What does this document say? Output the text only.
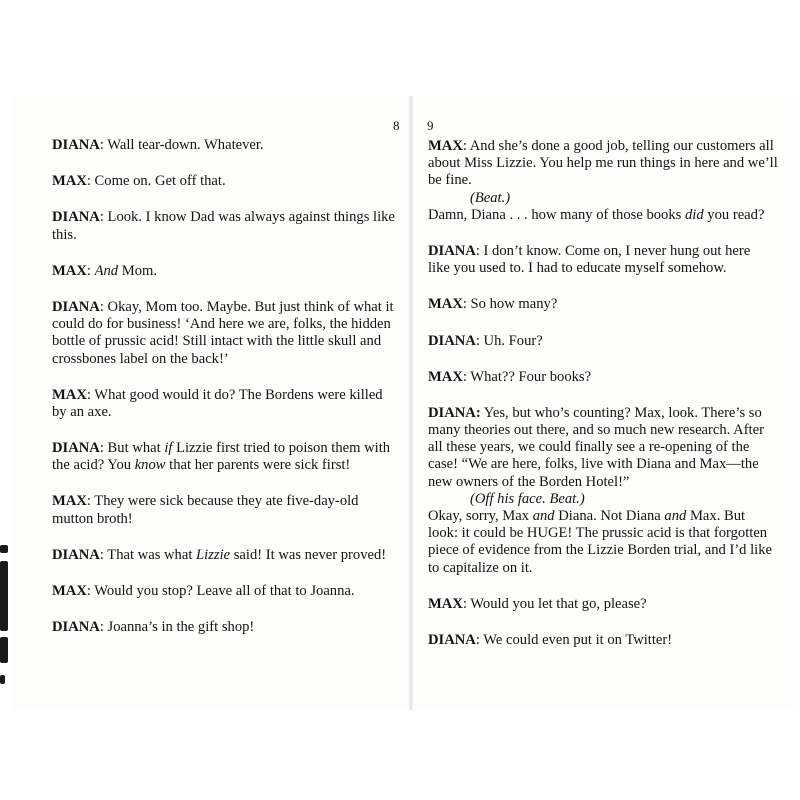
8 9
DIANA: Wall tear-down. Whatever.
MAX: Come on. Get off that.
DIANA: Look. I know Dad was always against things like
this.
MAX: And Mom.
DIANA: Okay, Mom too. Maybe. But just think of what it
could do for business! ‘And here we are, folks, the hidden
bottle of prussic acid! Still intact with the little skull and
crossbones label on the back!’
MAX: What good would it do? The Bordens were killed
by an axe.
DIANA: But what if Lizzie first tried to poison them with
the acid? You know that her parents were sick first!
MAX: They were sick because they ate five-day-old
mutton broth!
DIANA: That was what Lizzie said! It was never proved!
MAX: Would you stop? Leave all of that to Joanna.
DIANA: Joanna’s in the gift shop!
MAX: And she’s done a good job, telling our customers all
about Miss Lizzie. You help me run things in here and we’ll
be fine.
(Beat.)
Damn, Diana . . . how many of those books did you read?
DIANA: I don’t know. Come on, I never hung out here
like you used to. I had to educate myself somehow.
MAX: So how many?
DIANA: Uh. Four?
MAX: What?? Four books?
DIANA: Yes, but who’s counting? Max, look. There’s so
many theories out there, and so much new research. After
all these years, we could finally see a re-opening of the
case! “We are here, folks, live with Diana and Max—the
new owners of the Borden Hotel!”
(Off his face. Beat.)
Okay, sorry, Max and Diana. Not Diana and Max. But
look: it could be HUGE! The prussic acid is that forgotten
piece of evidence from the Lizzie Borden trial, and I’d like
to capitalize on it.
MAX: Would you let that go, please?
DIANA: We could even put it on Twitter!
